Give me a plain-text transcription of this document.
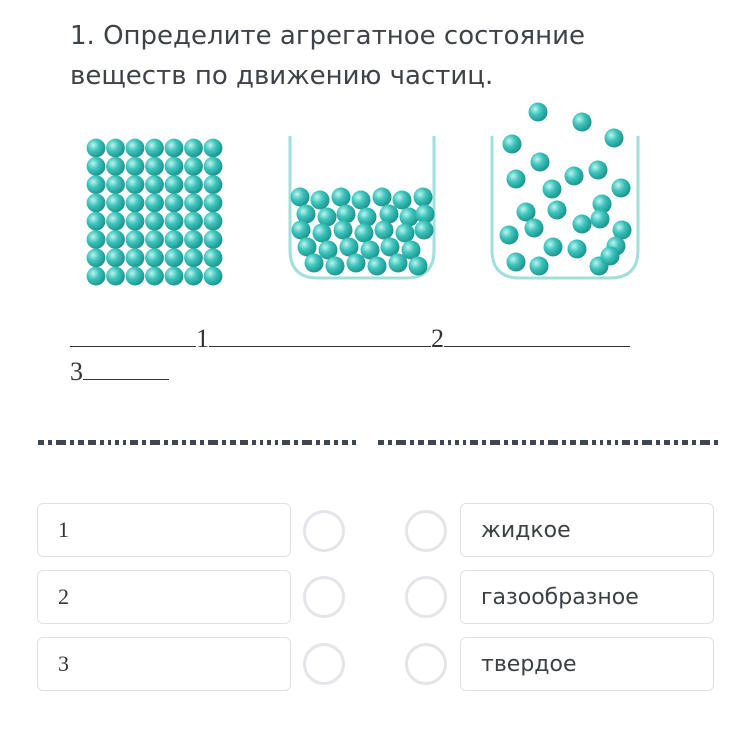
1. Определите агрегатное состояние
веществ по движению частиц.
1	2
3
1
2
3
жидкое
газообразное
твердое
